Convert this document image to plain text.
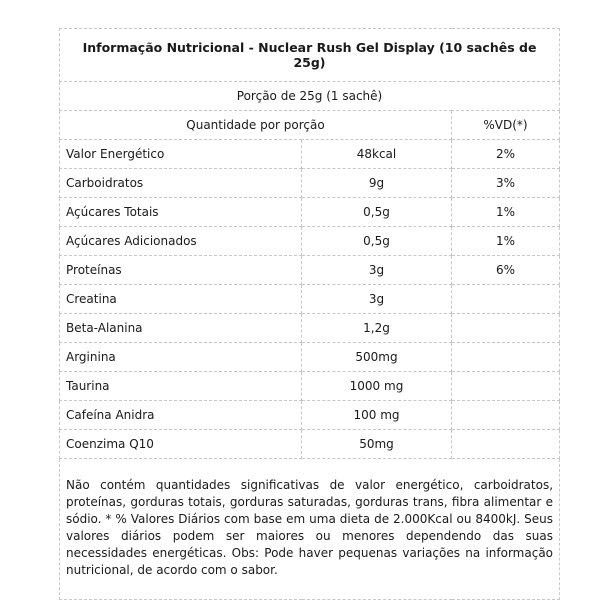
Informação Nutricional - Nuclear Rush Gel Display (10 sachês de 25g)		
Porção de 25g (1 sachê)		
Quantidade por porção		%VD(*)
Valor Energético	48kcal	2%
Carboidratos	9g	3%
Açúcares Totais	0,5g	1%
Açúcares Adicionados	0,5g	1%
Proteínas	3g	6%
Creatina	3g	
Beta-Alanina	1,2g	
Arginina	500mg	
Taurina	1000 mg	
Cafeína Anidra	100 mg	
Coenzima Q10	50mg	
Não contém quantidades significativas de valor energético, carboidratos, proteínas, gorduras totais, gorduras saturadas, gorduras trans, fibra alimentar e sódio. * % Valores Diários com base em uma dieta de 2.000Kcal ou 8400kJ. Seus valores diários podem ser maiores ou menores dependendo das suas necessidades energéticas. Obs: Pode haver pequenas variações na informação nutricional, de acordo com o sabor.		
